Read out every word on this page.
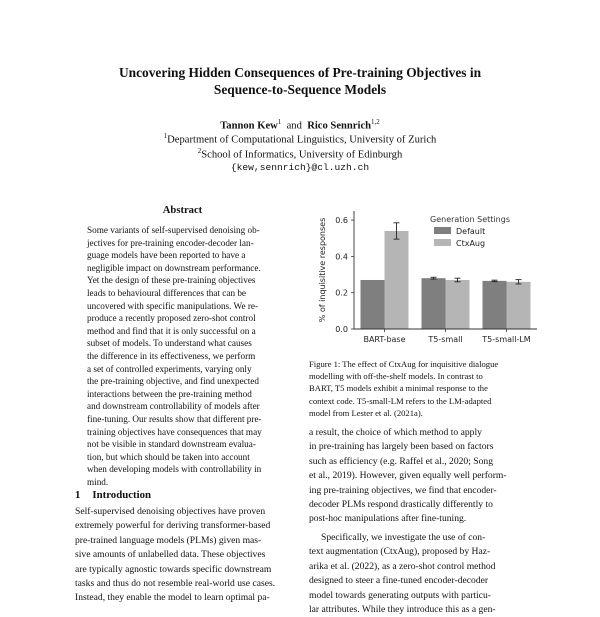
Uncovering Hidden Consequences of Pre-training Objectives in
Sequence-to-Sequence Models
Tannon Kew$^1$ and Rico Sennrich$^{1,2}$
$^1$Department of Computational Linguistics, University of Zurich
$^2$School of Informatics, University of Edinburgh
{kew,sennrich}@cl.uzh.ch
Abstract
Some variants of self-supervised denoising ob-
jectives for pre-training encoder-decoder lan-
guage models have been reported to have a
negligible impact on downstream performance.
Yet the design of these pre-training objectives
leads to behavioural differences that can be
uncovered with specific manipulations. We re-
produce a recently proposed zero-shot control
method and find that it is only successful on a
subset of models. To understand what causes
the difference in its effectiveness, we perform
a set of controlled experiments, varying only
the pre-training objective, and find unexpected
interactions between the pre-training method
and downstream controllability of models after
fine-tuning. Our results show that different pre-
training objectives have consequences that may
not be visible in standard downstream evalua-
tion, but which should be taken into account
when developing models with controllability in
mind.
1 Introduction
Self-supervised denoising objectives have proven
extremely powerful for deriving transformer-based
pre-trained language models (PLMs) given mas-
sive amounts of unlabelled data. These objectives
are typically agnostic towards specific downstream
tasks and thus do not resemble real-world use cases.
Instead, they enable the model to learn optimal pa-
0.0
0.2
0.4
0.6
BART-base	T5-small T5-small-LM
% of inquisitive responses	Generation Settings
Default
CtxAug
Figure 1: The effect of CtxAug for inquisitive dialogue
modelling with off-the-shelf models. In contrast to
BART, T5 models exhibit a minimal response to the
context code. T5-small-LM refers to the LM-adapted
model from Lester et al. (2021a).
a result, the choice of which method to apply
in pre-training has largely been based on factors
such as efficiency (e.g. Raffel et al., 2020; Song
et al., 2019). However, given equally well perform-
ing pre-training objectives, we find that encoder-
decoder PLMs respond drastically differently to
post-hoc manipulations after fine-tuning.
Specifically, we investigate the use of con-
text augmentation (CtxAug), proposed by Haz-
arika et al. (2022), as a zero-shot control method
designed to steer a fine-tuned encoder-decoder
model towards generating outputs with particu-
lar attributes. While they introduce this as a gen-
